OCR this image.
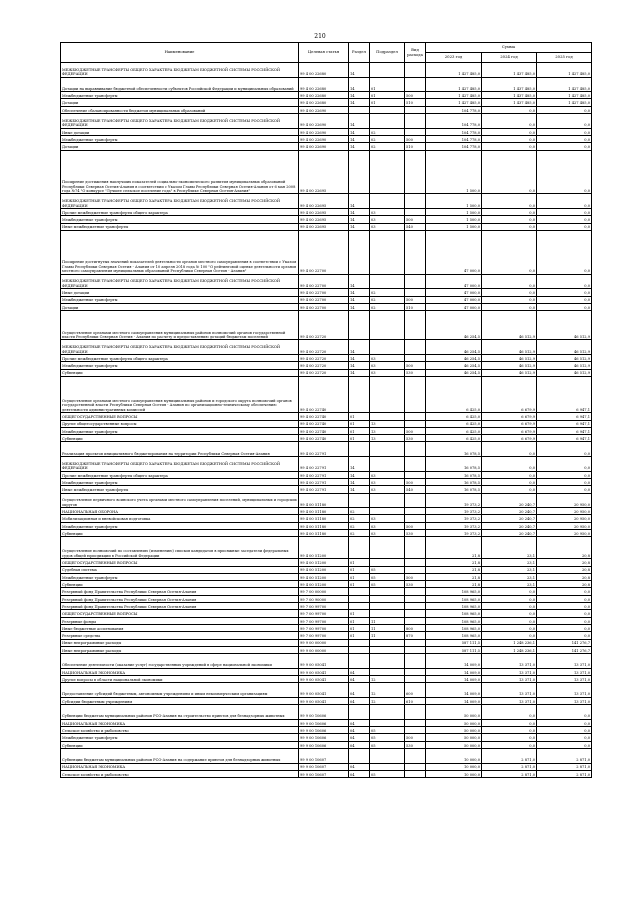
210
Наименование	Целевая статья	Раздел	Подраздел	Вид расхода	Сумма		
					2023 год	2024 год	2025 год
МЕЖБЮДЖЕТНЫЕ ТРАНСФЕРТЫ ОБЩЕГО ХАРАКТЕРА БЮДЖЕТАМ БЮДЖЕТНОЙ СИСТЕМЫ РОССИЙСКОЙ ФЕДЕРАЦИИ	99 4 00 22680	14			1 427 485,0	1 437 485,0	1 427 485,0
Дотации на выравнивание бюджетной обеспеченности субъектов Российской Федерации и муниципальных образований	99 4 00 22680	14	01		1 427 485,0	1 437 485,0	1 427 485,0
Межбюджетные трансферты	99 4 00 22680	14	01	500	1 427 485,0	1 437 485,0	1 427 485,0
Дотации	99 4 00 22680	14	01	510	1 427 485,0	1 437 485,0	1 427 485,0
Обеспечение сбалансированности бюджетов муниципальных образований	99 4 00 22690				104 778,0	0,0	0,0
МЕЖБЮДЖЕТНЫЕ ТРАНСФЕРТЫ ОБЩЕГО ХАРАКТЕРА БЮДЖЕТАМ БЮДЖЕТНОЙ СИСТЕМЫ РОССИЙСКОЙ ФЕДЕРАЦИИ	99 4 00 22690	14			104 778,0	0,0	0,0
Иные дотации	99 4 00 22690	14	02		104 778,0	0,0	0,0
Межбюджетные трансферты	99 4 00 22690	14	02	500	104 778,0	0,0	0,0
Дотации	99 4 00 22690	14	02	510	104 778,0	0,0	0,0
Поощрение достижения наилучших показателей социально-экономического развития муниципальных образований Республики Северная Осетия-Алания в соответствии с Указом Главы Республики Северная Осетия-Алания от 6 мая 2008 года №74 "О конкурсе "Лучшее сельское поселение года" в Республике Северная Осетия-Алания"	99 4 00 22695				1 500,0	0,0	0,0
МЕЖБЮДЖЕТНЫЕ ТРАНСФЕРТЫ ОБЩЕГО ХАРАКТЕРА БЮДЖЕТАМ БЮДЖЕТНОЙ СИСТЕМЫ РОССИЙСКОЙ ФЕДЕРАЦИИ	99 4 00 22695	14			1 500,0	0,0	0,0
Прочие межбюджетные трансферты общего характера	99 4 00 22695	14	03		1 500,0	0,0	0,0
Межбюджетные трансферты	99 4 00 22695	14	03	500	1 500,0	0,0	0,0
Иные межбюджетные трансферты	99 4 00 22695	14	03	540	1 500,0	0,0	0,0
Поощрение достигнутых значений показателей деятельности органов местного самоуправления в соответствии с Указом Главы Республики Северная Осетия - Алания от 10 апреля 2018 года № 100 "О рейтинговой оценке деятельности органов местного самоуправления муниципальных образований Республики Северная Осетия - Алания"	99 4 00 22700				47 000,0	0,0	0,0
МЕЖБЮДЖЕТНЫЕ ТРАНСФЕРТЫ ОБЩЕГО ХАРАКТЕРА БЮДЖЕТАМ БЮДЖЕТНОЙ СИСТЕМЫ РОССИЙСКОЙ ФЕДЕРАЦИИ	99 4 00 22700	14			47 000,0	0,0	0,0
Иные дотации	99 4 00 22700	14	02		47 000,0	0,0	0,0
Межбюджетные трансферты	99 4 00 22700	14	02	500	47 000,0	0,0	0,0
Дотации	99 4 00 22700	14	02	510	47 000,0	0,0	0,0
Осуществление органами местного самоуправления муниципальных районов полномочий органов государственной власти Республики Северная Осетия - Алания по расчету и предоставлению дотаций бюджетам поселений	99 4 00 22720				46 254,5	46 512,9	46 512,9
МЕЖБЮДЖЕТНЫЕ ТРАНСФЕРТЫ ОБЩЕГО ХАРАКТЕРА БЮДЖЕТАМ БЮДЖЕТНОЙ СИСТЕМЫ РОССИЙСКОЙ ФЕДЕРАЦИИ	99 4 00 22720	14			46 254,5	46 512,9	46 512,9
Прочие межбюджетные трансферты общего характера	99 4 00 22720	14	03		46 254,5	46 512,9	46 512,9
Межбюджетные трансферты	99 4 00 22720	14	03	500	46 254,5	46 512,9	46 512,9
Субвенции	99 4 00 22720	14	03	530	46 254,5	46 512,9	46 512,9
Осуществление органами местного самоуправления муниципальных районов и городского округа полномочий органов государственной власти Республики Северная Осетия - Алания по организационно-техническому обеспечению деятельности административных комиссий	99 4 00 22740				6 425,0	6 679,9	6 947,1
ОБЩЕГОСУДАРСТВЕННЫЕ ВОПРОСЫ	99 4 00 22740	01			6 425,0	6 679,9	6 947,1
Другие общегосударственные вопросы	99 4 00 22740	01	13		6 425,0	6 679,9	6 947,1
Межбюджетные трансферты	99 4 00 22740	01	13	500	6 425,0	6 679,9	6 947,1
Субвенции	99 4 00 22740	01	13	530	6 425,0	6 679,9	6 947,1
Реализация проектов инициативного бюджетирования на территории Республики Северная Осетия-Алания	99 4 00 22791				16 078,5	0,0	0,0
МЕЖБЮДЖЕТНЫЕ ТРАНСФЕРТЫ ОБЩЕГО ХАРАКТЕРА БЮДЖЕТАМ БЮДЖЕТНОЙ СИСТЕМЫ РОССИЙСКОЙ ФЕДЕРАЦИИ	99 4 00 22791	14			16 078,5	0,0	0,0
Прочие межбюджетные трансферты общего характера	99 4 00 22791	14	03		16 078,5	0,0	0,0
Межбюджетные трансферты	99 4 00 22791	14	03	500	16 078,5	0,0	0,0
Иные межбюджетные трансферты	99 4 00 22791	14	03	540	16 078,5	0,0	0,0
Осуществление первичного воинского учета органами местного самоуправления поселений, муниципальных и городских округов	99 4 00 51180				19 373,2	20 240,7	20 950,0
НАЦИОНАЛЬНАЯ ОБОРОНА	99 4 00 51180	02			19 373,2	20 240,7	20 950,0
Мобилизационная и вневойсковая подготовка	99 4 00 51180	02	03		19 373,2	20 240,7	20 950,0
Межбюджетные трансферты	99 4 00 51180	02	03	500	19 373,2	20 240,7	20 950,0
Субвенции	99 4 00 51180	02	03	530	19 373,2	20 240,7	20 950,0
Осуществление полномочий по составлению (изменению) списков кандидатов в присяжные заседатели федеральных судов общей юрисдикции в Российской Федерации	99 4 00 51200				21,8	23,1	20,8
ОБЩЕГОСУДАРСТВЕННЫЕ ВОПРОСЫ	99 4 00 51200	01			21,8	23,1	20,8
Судебная система	99 4 00 51200	01	05		21,8	23,1	20,8
Межбюджетные трансферты	99 4 00 51200	01	05	500	21,8	23,1	20,8
Субвенции	99 4 00 51200	01	05	530	21,8	23,1	20,8
Резервный фонд Правительства Республики Северная Осетия-Алания	99 7 00 00000				108 965,0	0,0	0,0
Резервный фонд Правительства Республики Северная Осетия-Алания	99 7 00 90000				108 965,0	0,0	0,0
Резервный фонд Правительства Республики Северная Осетия-Алания	99 7 00 99700				108 965,0	0,0	0,0
ОБЩЕГОСУДАРСТВЕННЫЕ ВОПРОСЫ	99 7 00 99700	01			108 965,0	0,0	0,0
Резервные фонды	99 7 00 99700	01	11		108 965,0	0,0	0,0
Иные бюджетные ассигнования	99 7 00 99700	01	11	800	108 965,0	0,0	0,0
Резервные средства	99 7 00 99700	01	11	870	108 965,0	0,0	0,0
Иные непрограммные расходы	99 9 00 00000				587 111,5	1 248 236,1	141 276,7
Иные непрограммные расходы	99 9 00 00000				587 111,5	1 248 236,1	141 276,7
Обеспечение деятельности (оказание услуг) государственных учреждений в сфере национальной экономики	99 9 00 05041				14 009,0	13 371,0	13 371,0
НАЦИОНАЛЬНАЯ ЭКОНОМИКА	99 9 00 05041	04			14 009,0	13 371,0	13 371,0
Другие вопросы в области национальной экономики	99 9 00 05041	04	12		14 009,0	13 371,0	13 371,0
Предоставление субсидий бюджетным, автономным учреждениям и иным некоммерческим организациям	99 9 00 05041	04	12	600	14 009,0	13 371,0	13 371,0
Субсидии бюджетным учреждениям	99 9 00 05041	04	12	610	14 009,0	13 371,0	13 371,0
Субвенции бюджетам муниципальных районов РСО-Алания на строительство приютов для безнадзорных животных	99 9 00 10606				50 000,0	0,0	0,0
НАЦИОНАЛЬНАЯ ЭКОНОМИКА	99 9 00 10606	04			50 000,0	0,0	0,0
Сельское хозяйство и рыболовство	99 9 00 10606	04	05		50 000,0	0,0	0,0
Межбюджетные трансферты	99 9 00 10606	04	05	500	50 000,0	0,0	0,0
Субвенции	99 9 00 10606	04	05	530	50 000,0	0,0	0,0
Субвенции бюджетам муниципальных районов РСО-Алания на содержание приютов для безнадзорных животных	99 9 00 10607				10 000,0	2 871,0	2 871,0
НАЦИОНАЛЬНАЯ ЭКОНОМИКА	99 9 00 10607	04			10 000,0	2 871,0	2 871,0
Сельское хозяйство и рыболовство	99 9 00 10607	04	05		10 000,0	2 871,0	2 871,0
